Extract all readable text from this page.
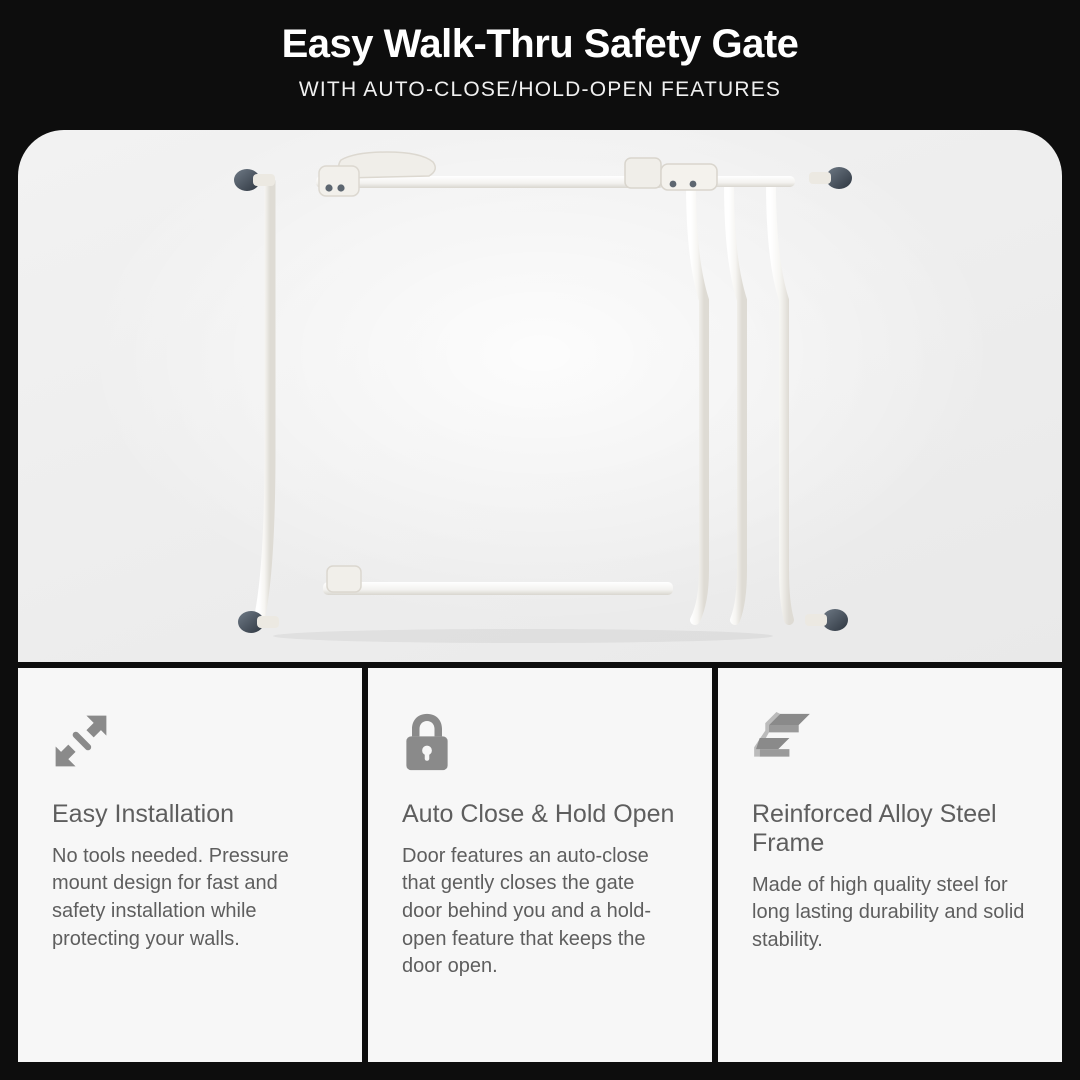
Easy Walk-Thru Safety Gate
WITH AUTO-CLOSE/HOLD-OPEN FEATURES
Easy Installation
No tools needed. Pressure mount design for fast and safety installation while protecting your walls.
Auto Close & Hold Open
Door features an auto-close that gently closes the gate door behind you and a hold-open feature that keeps the door open.
Reinforced Alloy Steel Frame
Made of high quality steel for long lasting durability and solid stability.
